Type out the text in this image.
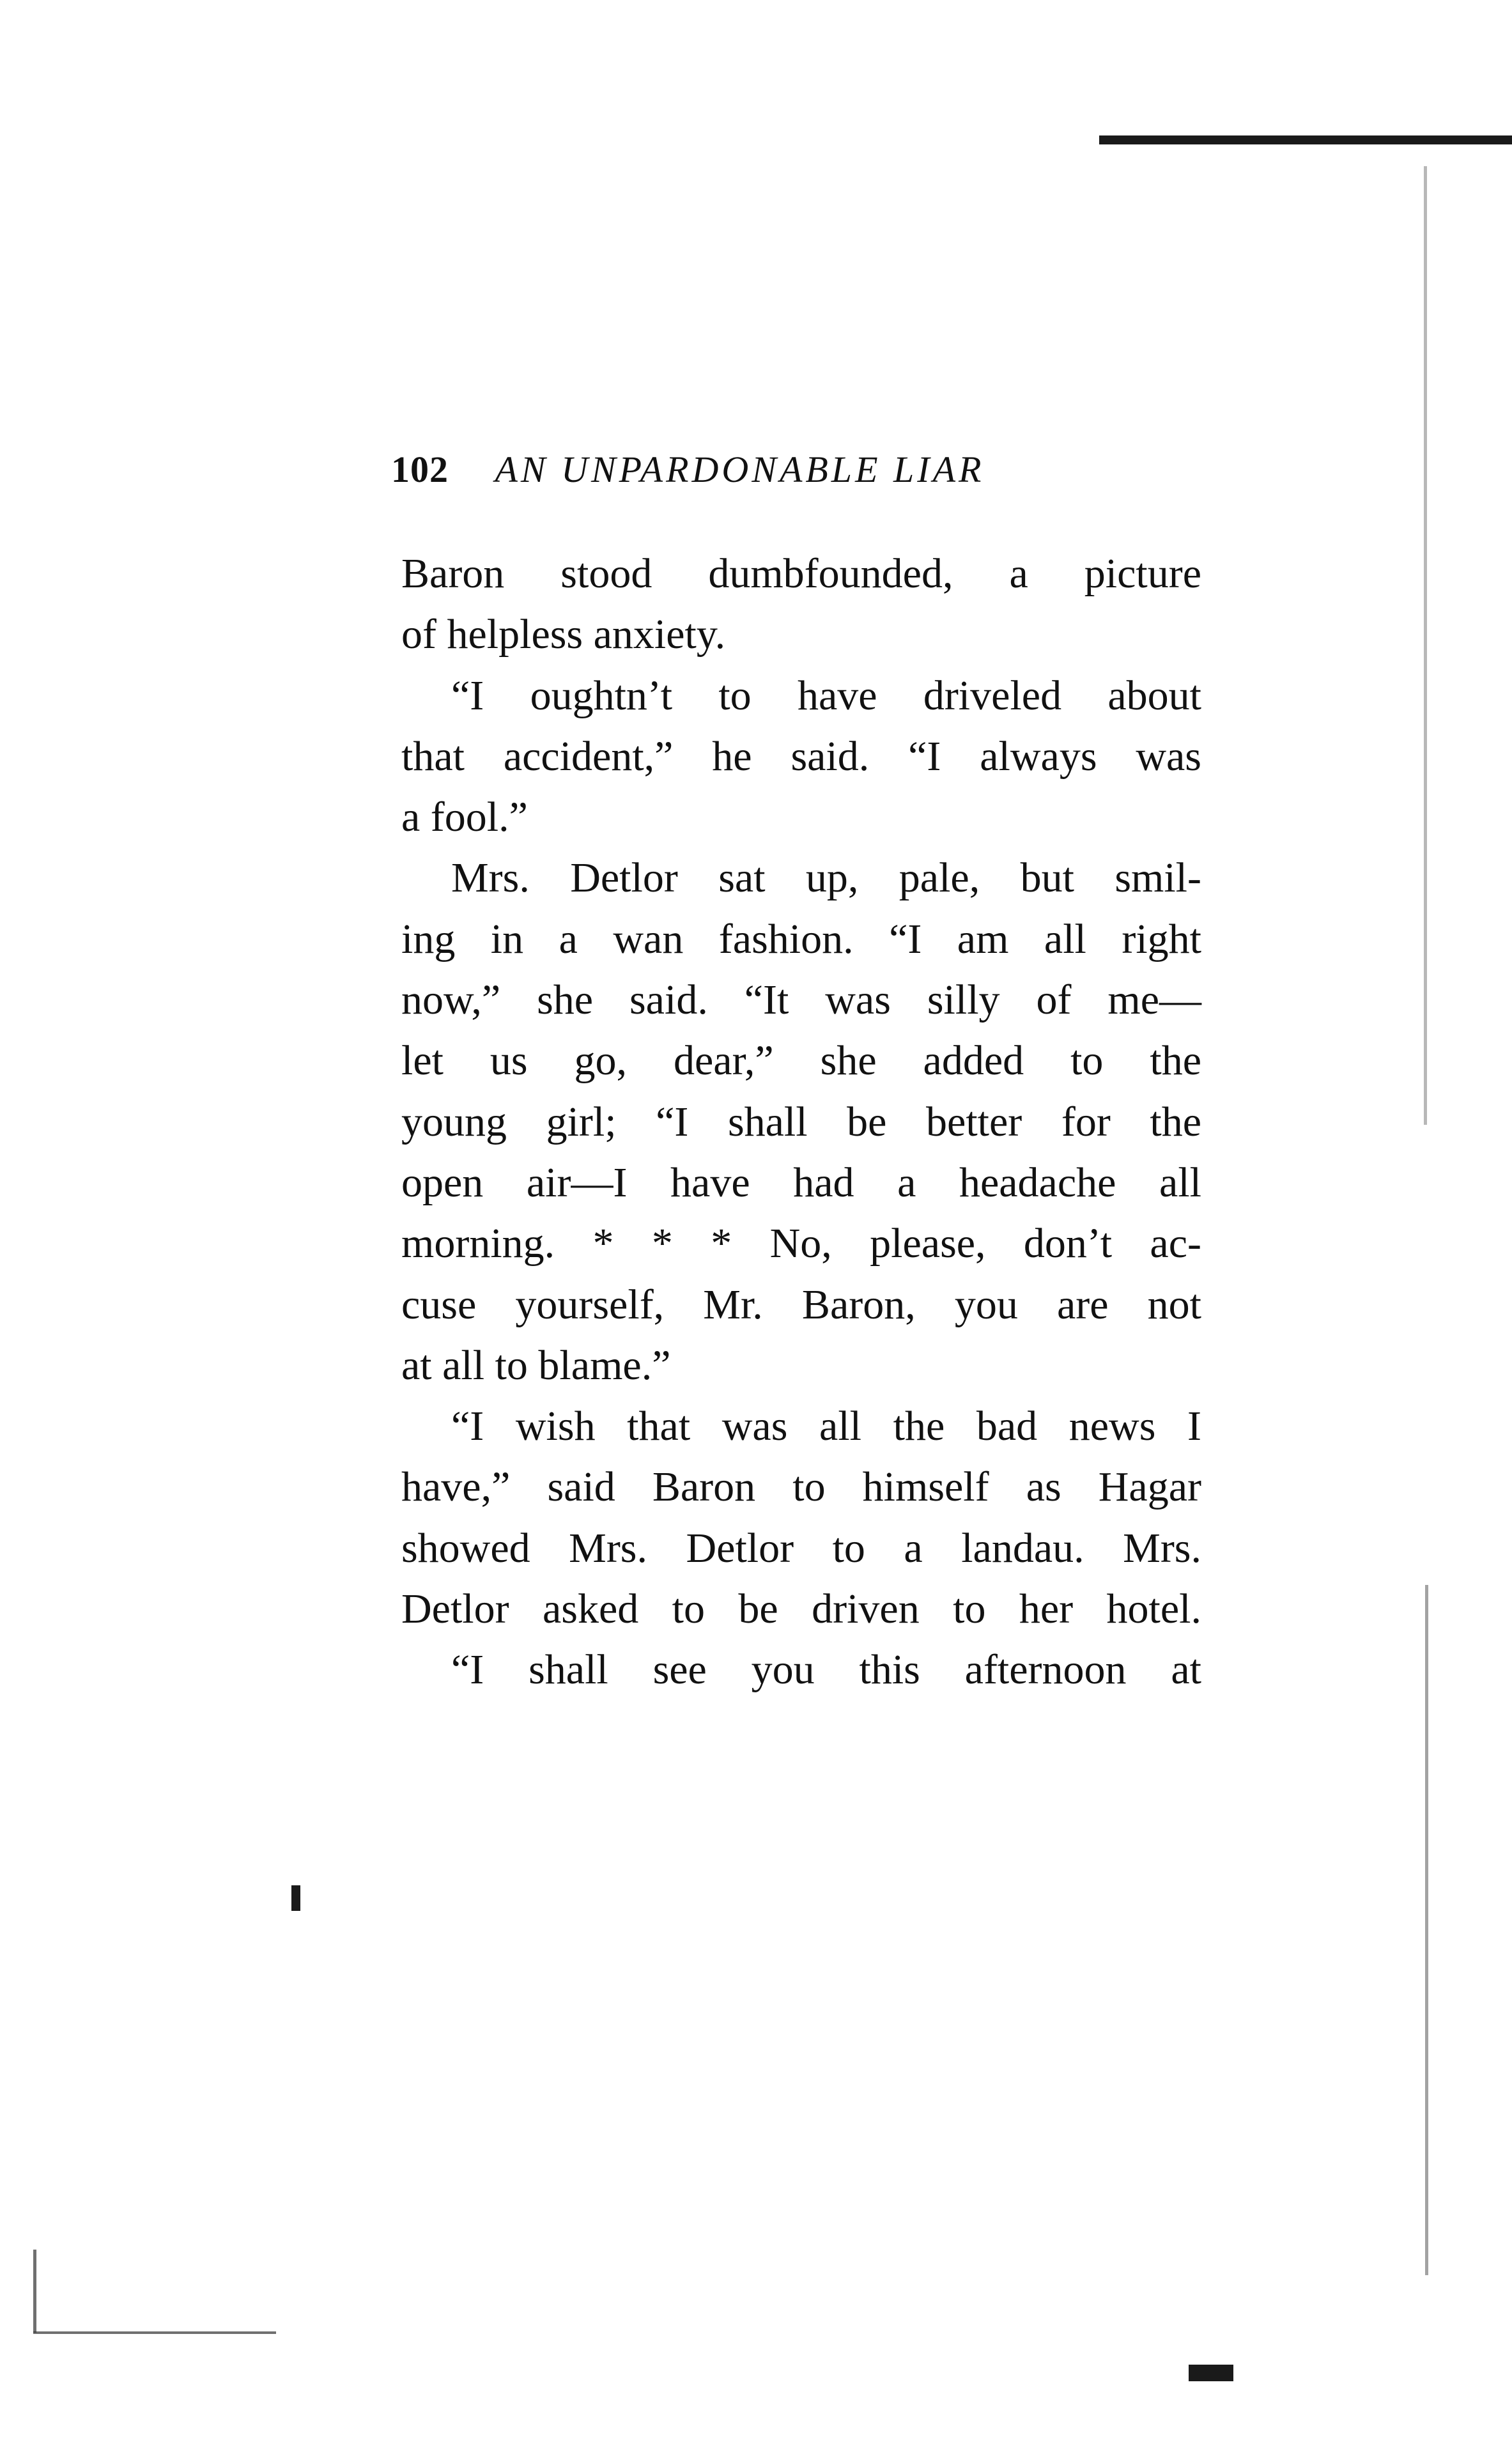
102 AN UNPARDONABLE LIAR
Baron stood dumbfounded, a picture
of helpless anxiety.
“I oughtn’t to have driveled about
that accident,” he said. “I always was
a fool.”
Mrs. Detlor sat up, pale, but smil-
ing in a wan fashion. “I am all right
now,” she said. “It was silly of me—
let us go, dear,” she added to the
young girl; “I shall be better for the
open air—I have had a headache all
morning. * * * No, please, don’t ac-
cuse yourself, Mr. Baron, you are not
at all to blame.”
“I wish that was all the bad news I
have,” said Baron to himself as Hagar
showed Mrs. Detlor to a landau. Mrs.
Detlor asked to be driven to her hotel.
“I shall see you this afternoon at
